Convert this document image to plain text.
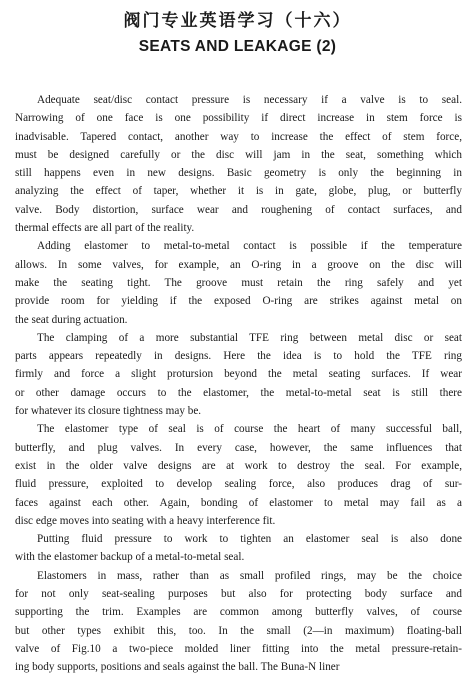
阀门专业英语学习（十六）
SEATS AND LEAKAGE (2)
Adequate seat/disc contact pressure is necessary if a valve is to seal.
Narrowing of one face is one possibility if direct increase in stem force is
inadvisable. Tapered contact, another way to increase the effect of stem force,
must be designed carefully or the disc will jam in the seat, something which
still happens even in new designs. Basic geometry is only the beginning in
analyzing the effect of taper, whether it is in gate, globe, plug, or butterfly
valve. Body distortion, surface wear and roughening of contact surfaces, and
thermal effects are all part of the reality.
Adding elastomer to metal-to-metal contact is possible if the temperature
allows. In some valves, for example, an O-ring in a groove on the disc will
make the seating tight. The groove must retain the ring safely and yet
provide room for yielding if the exposed O-ring are strikes against metal on
the seat during actuation.
The clamping of a more substantial TFE ring between metal disc or seat
parts appears repeatedly in designs. Here the idea is to hold the TFE ring
firmly and force a slight protursion beyond the metal seating surfaces. If wear
or other damage occurs to the elastomer, the metal-to-metal seat is still there
for whatever its closure tightness may be.
The elastomer type of seal is of course the heart of many successful ball,
butterfly, and plug valves. In every case, however, the same influences that
exist in the older valve designs are at work to destroy the seal. For example,
fluid pressure, exploited to develop sealing force, also produces drag of sur-
faces against each other. Again, bonding of elastomer to metal may fail as a
disc edge moves into seating with a heavy interference fit.
Putting fluid pressure to work to tighten an elastomer seal is also done
with the elastomer backup of a metal-to-metal seal.
Elastomers in mass, rather than as small profiled rings, may be the choice
for not only seat-sealing purposes but also for protecting body surface and
supporting the trim. Examples are common among butterfly valves, of course
but other types exhibit this, too. In the small (2—in maximum) floating-ball
valve of Fig.10 a two-piece molded liner fitting into the metal pressure-retain-
ing body supports, positions and seals against the ball. The Buna-N liner
